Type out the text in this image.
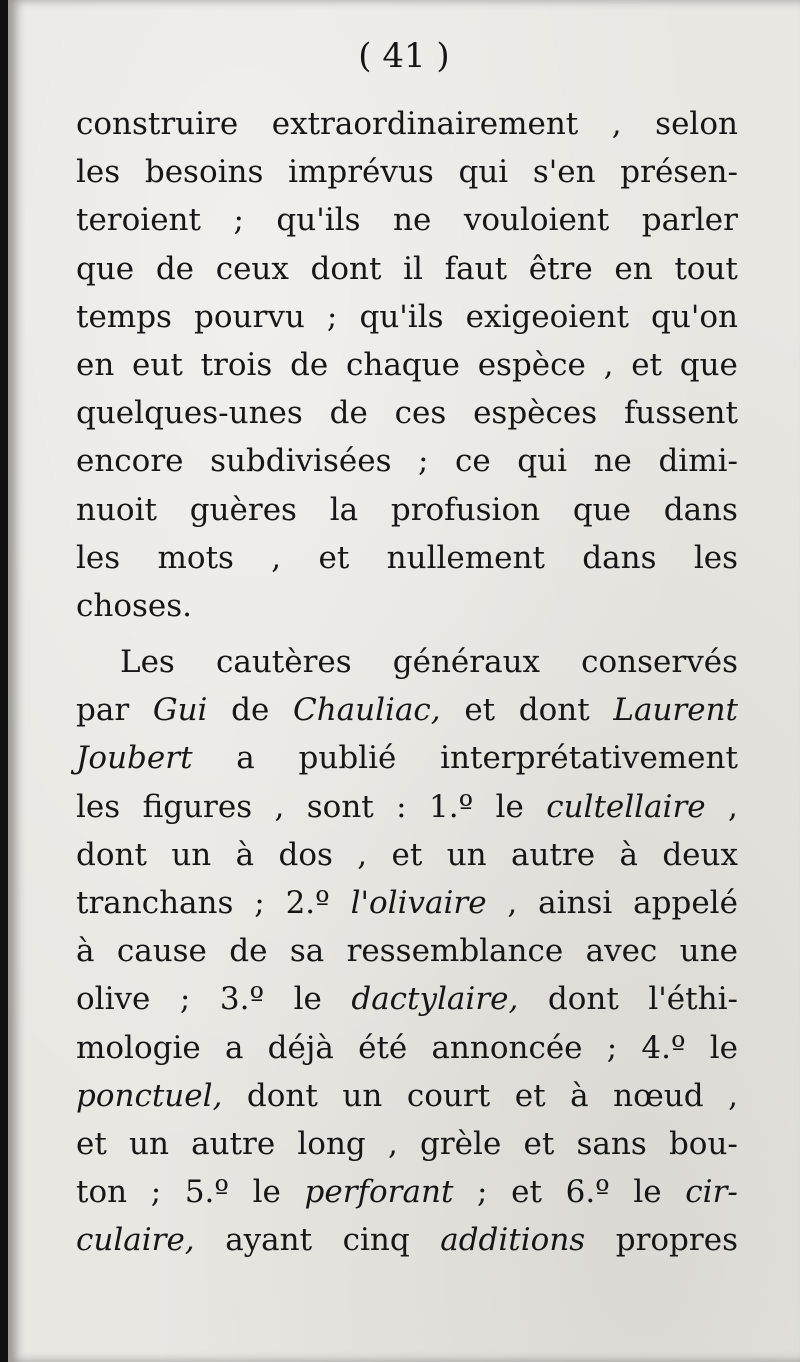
( 41 )
construire extraordinairement , selon
les besoins imprévus qui s'en présen-
teroient ; qu'ils ne vouloient parler
que de ceux dont il faut être en tout
temps pourvu ; qu'ils exigeoient qu'on
en eut trois de chaque espèce , et que
quelques-unes de ces espèces fussent
encore subdivisées ; ce qui ne dimi-
nuoit guères la profusion que dans
les mots , et nullement dans les
choses.
Les cautères généraux conservés
par Gui de Chauliac, et dont Laurent
Joubert a publié interprétativement
les figures , sont : 1.º le cultellaire ,
dont un à dos , et un autre à deux
tranchans ; 2.º l'olivaire , ainsi appelé
à cause de sa ressemblance avec une
olive ; 3.º le dactylaire, dont l'éthi-
mologie a déjà été annoncée ; 4.º le
ponctuel, dont un court et à nœud ,
et un autre long , grèle et sans bou-
ton ; 5.º le perforant ; et 6.º le cir-
culaire, ayant cinq additions propres
